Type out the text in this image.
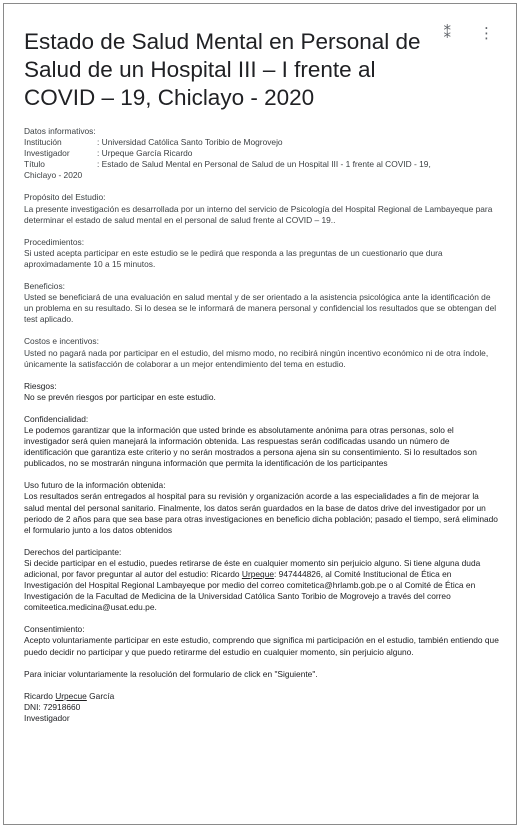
Estado de Salud Mental en Personal de Salud de un Hospital III – I frente al COVID – 19, Chiclayo - 2020
⁑ ⋮
Datos informativos:
Institución	: Universidad Católica Santo Toribio de Mogrovejo
Investigador	: Urpeque García Ricardo
Título	: Estado de Salud Mental en Personal de Salud de un Hospital III - 1 frente al COVID - 19,
Chiclayo - 2020
Propósito del Estudio:
La presente investigación es desarrollada por un interno del servicio de Psicología del Hospital Regional de Lambayeque para determinar el estado de salud mental en el personal de salud frente al COVID – 19..
Procedimientos:
Si usted acepta participar en este estudio se le pedirá que responda a las preguntas de un cuestionario que dura aproximadamente 10 a 15 minutos.
Beneficios:
Usted se beneficiará de una evaluación en salud mental y de ser orientado a la asistencia psicológica ante la identificación de un problema en su resultado. Si lo desea se le informará de manera personal y confidencial los resultados que se obtengan del test aplicado.
Costos e incentivos:
Usted no pagará nada por participar en el estudio, del mismo modo, no recibirá ningún incentivo económico ni de otra índole, únicamente la satisfacción de colaborar a un mejor entendimiento del tema en estudio.
Riesgos:
No se prevén riesgos por participar en este estudio.
Confidencialidad:
Le podemos garantizar que la información que usted brinde es absolutamente anónima para otras personas, solo el investigador será quien manejará la información obtenida. Las respuestas serán codificadas usando un número de identificación que garantiza este criterio y no serán mostrados a persona ajena sin su consentimiento. Si lo resultados son publicados, no se mostrarán ninguna información que permita la identificación de los participantes
Uso futuro de la información obtenida:
Los resultados serán entregados al hospital para su revisión y organización acorde a las especialidades a fin de mejorar la salud mental del personal sanitario. Finalmente, los datos serán guardados en la base de datos drive del investigador por un periodo de 2 años para que sea base para otras investigaciones en beneficio dicha población; pasado el tiempo, será eliminado el formulario junto a los datos obtenidos
Derechos del participante:
Si decide participar en el estudio, puedes retirarse de éste en cualquier momento sin perjuicio alguno. Si tiene alguna duda adicional, por favor preguntar al autor del estudio: Ricardo Urpeque: 947444826, al Comité Institucional de Ética en Investigación del Hospital Regional Lambayeque por medio del correo comitetica@hrlamb.gob.pe o al Comité de Ética en Investigación de la Facultad de Medicina de la Universidad Católica Santo Toribio de Mogrovejo a través del correo comiteetica.medicina@usat.edu.pe.
Consentimiento:
Acepto voluntariamente participar en este estudio, comprendo que significa mi participación en el estudio, también entiendo que puedo decidir no participar y que puedo retirarme del estudio en cualquier momento, sin perjuicio alguno.
Para iniciar voluntariamente la resolución del formulario de click en "Siguiente".
Ricardo Urpecue García
DNI: 72918660
Investigador
